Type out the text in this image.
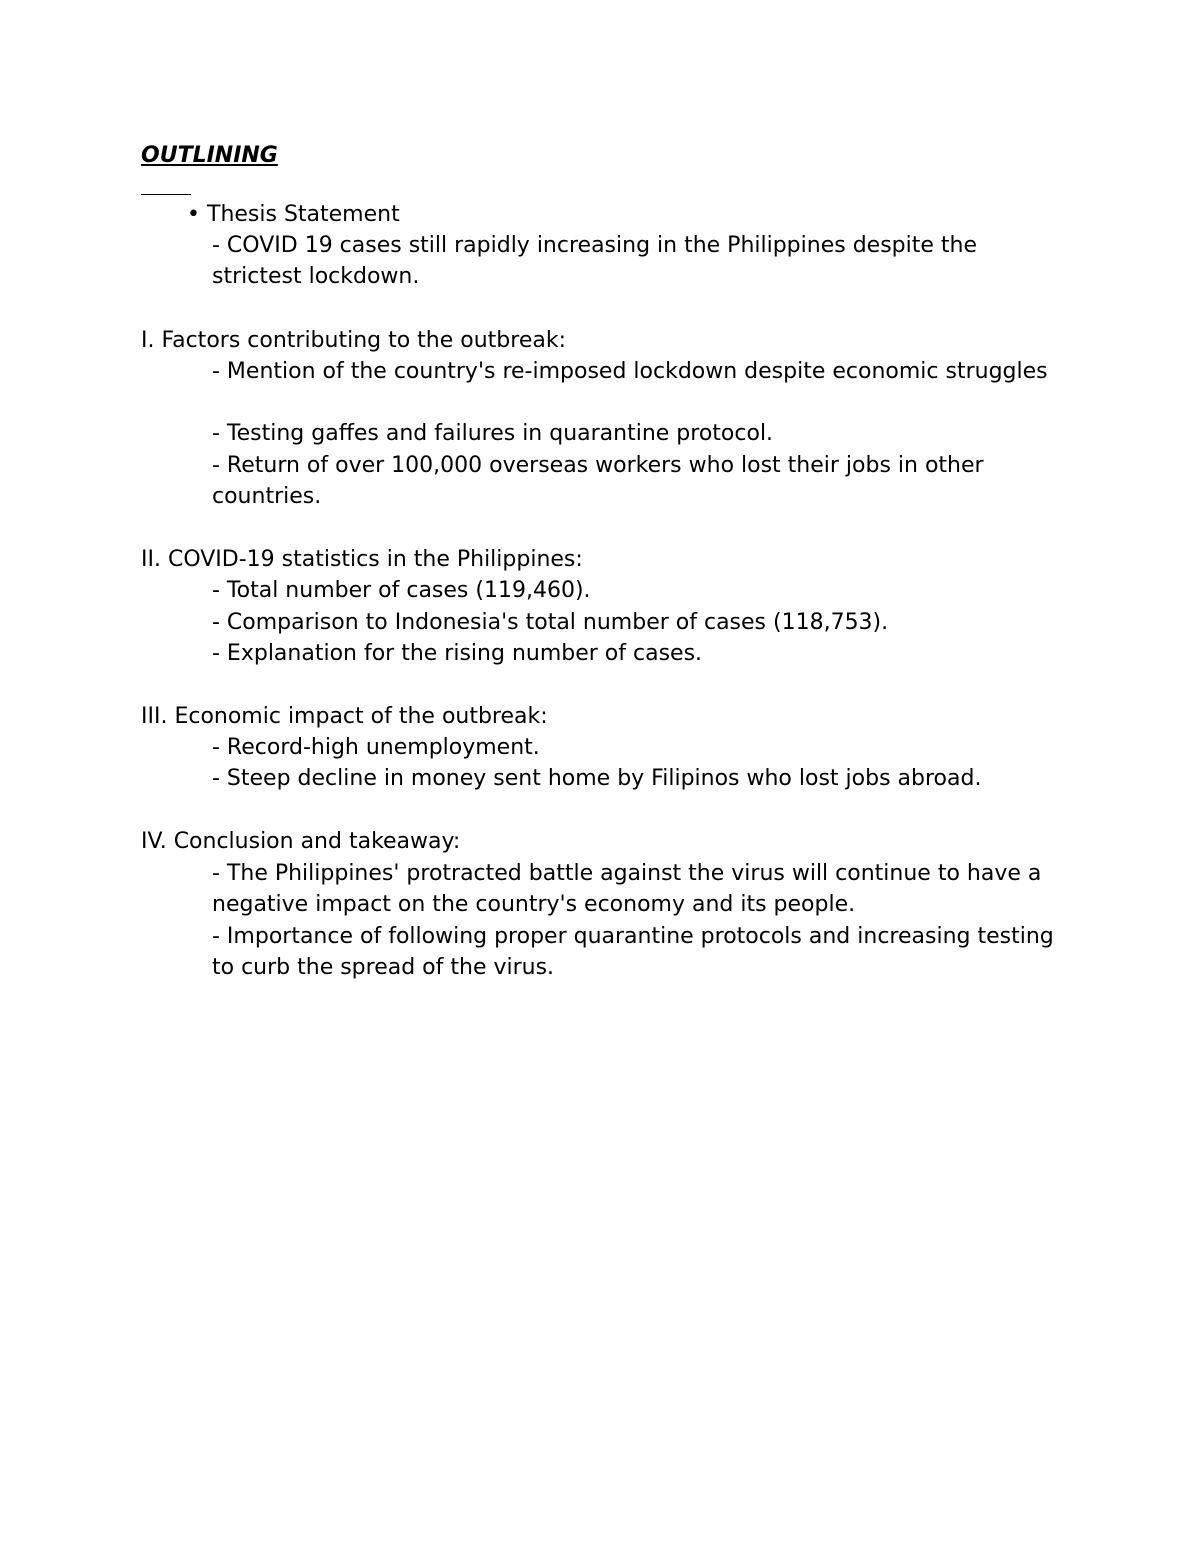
OUTLINING
• Thesis Statement
- COVID 19 cases still rapidly increasing in the Philippines despite the strictest lockdown.
I. Factors contributing to the outbreak:
- Mention of the country's re-imposed lockdown despite economic struggles
- Testing gaffes and failures in quarantine protocol.
- Return of over 100,000 overseas workers who lost their jobs in other countries.
II. COVID-19 statistics in the Philippines:
- Total number of cases (119,460).
- Comparison to Indonesia's total number of cases (118,753).
- Explanation for the rising number of cases.
III. Economic impact of the outbreak:
- Record-high unemployment.
- Steep decline in money sent home by Filipinos who lost jobs abroad.
IV. Conclusion and takeaway:
- The Philippines' protracted battle against the virus will continue to have a negative impact on the country's economy and its people.
- Importance of following proper quarantine protocols and increasing testing to curb the spread of the virus.
